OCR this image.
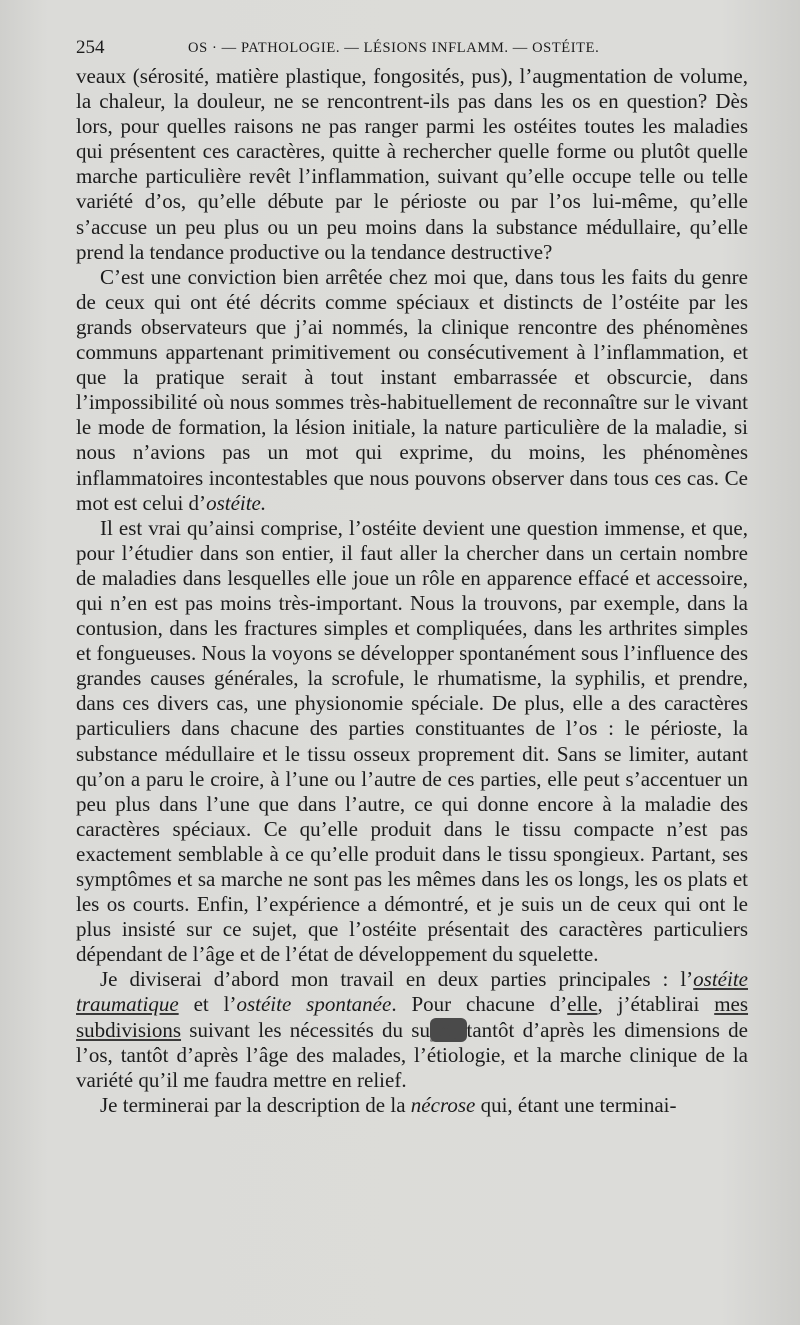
254	OS · — PATHOLOGIE. — LÉSIONS INFLAMM. — OSTÉITE.

veaux (sérosité, matière plastique, fongosités, pus), l’augmentation de volume, la chaleur, la douleur, ne se rencontrent-ils pas dans les os en question? Dès lors, pour quelles raisons ne pas ranger parmi les ostéites toutes les maladies qui présentent ces caractères, quitte à rechercher quelle forme ou plutôt quelle marche particulière revêt l’inflammation, suivant qu’elle occupe telle ou telle variété d’os, qu’elle débute par le périoste ou par l’os lui-même, qu’elle s’accuse un peu plus ou un peu moins dans la substance médullaire, qu’elle prend la tendance productive ou la tendance destructive?

C’est une conviction bien arrêtée chez moi que, dans tous les faits du genre de ceux qui ont été décrits comme spéciaux et distincts de l’ostéite par les grands observateurs que j’ai nommés, la clinique rencontre des phénomènes communs appartenant primitivement ou consécutivement à l’inflammation, et que la pratique serait à tout instant embarrassée et obscurcie, dans l’impossibilité où nous sommes très-habituellement de reconnaître sur le vivant le mode de formation, la lésion initiale, la nature particulière de la maladie, si nous n’avions pas un mot qui exprime, du moins, les phénomènes inflammatoires incontestables que nous pouvons observer dans tous ces cas. Ce mot est celui d’ostéite.

Il est vrai qu’ainsi comprise, l’ostéite devient une question immense, et que, pour l’étudier dans son entier, il faut aller la chercher dans un certain nombre de maladies dans lesquelles elle joue un rôle en apparence effacé et accessoire, qui n’en est pas moins très-important. Nous la trouvons, par exemple, dans la contusion, dans les fractures simples et compliquées, dans les arthrites simples et fongueuses. Nous la voyons se développer spontanément sous l’influence des grandes causes générales, la scrofule, le rhumatisme, la syphilis, et prendre, dans ces divers cas, une physionomie spéciale. De plus, elle a des caractères particuliers dans chacune des parties constituantes de l’os : le périoste, la substance médullaire et le tissu osseux proprement dit. Sans se limiter, autant qu’on a paru le croire, à l’une ou l’autre de ces parties, elle peut s’accentuer un peu plus dans l’une que dans l’autre, ce qui donne encore à la maladie des caractères spéciaux. Ce qu’elle produit dans le tissu compacte n’est pas exactement semblable à ce qu’elle produit dans le tissu spongieux. Partant, ses symptômes et sa marche ne sont pas les mêmes dans les os longs, les os plats et les os courts. Enfin, l’expérience a démontré, et je suis un de ceux qui ont le plus insisté sur ce sujet, que l’ostéite présentait des caractères particuliers dépendant de l’âge et de l’état de développement du squelette.

Je diviserai d’abord mon travail en deux parties principales : l’ostéite traumatique et l’ostéite spontanée. Pour chacune d’elle, j’établirai mes subdivisions suivant les nécessités du sujet, tantôt d’après les dimensions de l’os, tantôt d’après l’âge des malades, l’étiologie, et la marche clinique de la variété qu’il me faudra mettre en relief.

Je terminerai par la description de la nécrose qui, étant une terminai-
